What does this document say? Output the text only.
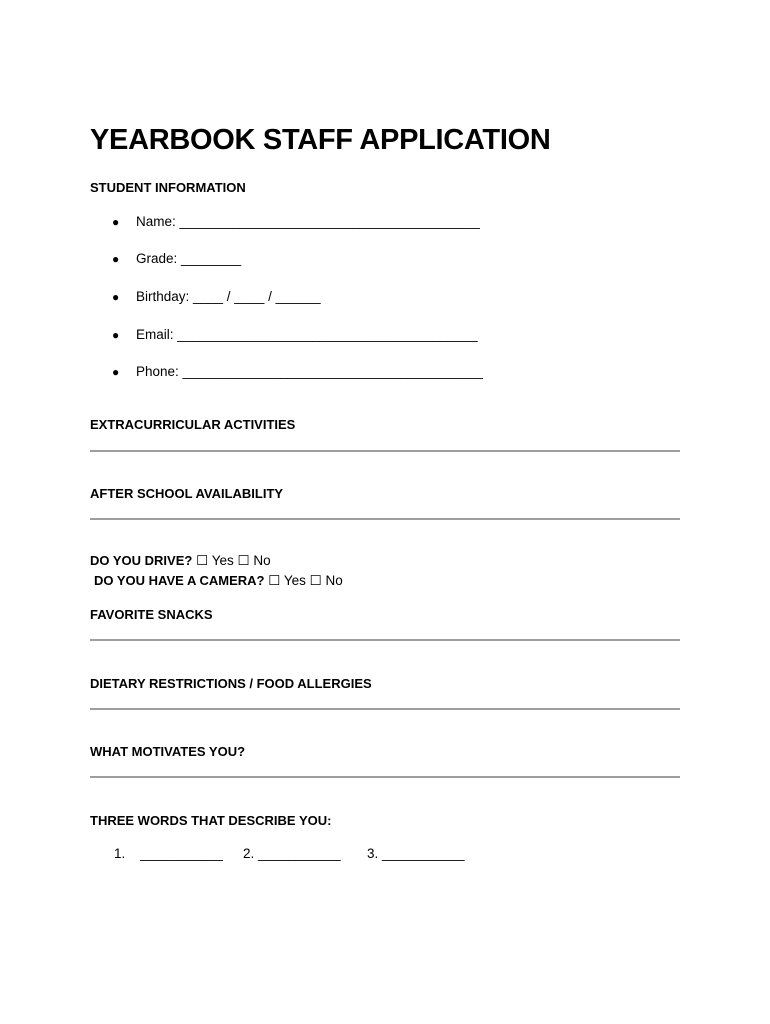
YEARBOOK STAFF APPLICATION
STUDENT INFORMATION
● Name: ________________________________________
● Grade: ________
● Birthday: ____ / ____ / ______
● Email: ________________________________________
● Phone: ________________________________________
EXTRACURRICULAR ACTIVITIES
AFTER SCHOOL AVAILABILITY
DO YOU DRIVE? ☐ Yes ☐ No
DO YOU HAVE A CAMERA? ☐ Yes ☐ No
FAVORITE SNACKS
DIETARY RESTRICTIONS / FOOD ALLERGIES
WHAT MOTIVATES YOU?
THREE WORDS THAT DESCRIBE YOU:
1. ___________ 2. ___________ 3. ___________
